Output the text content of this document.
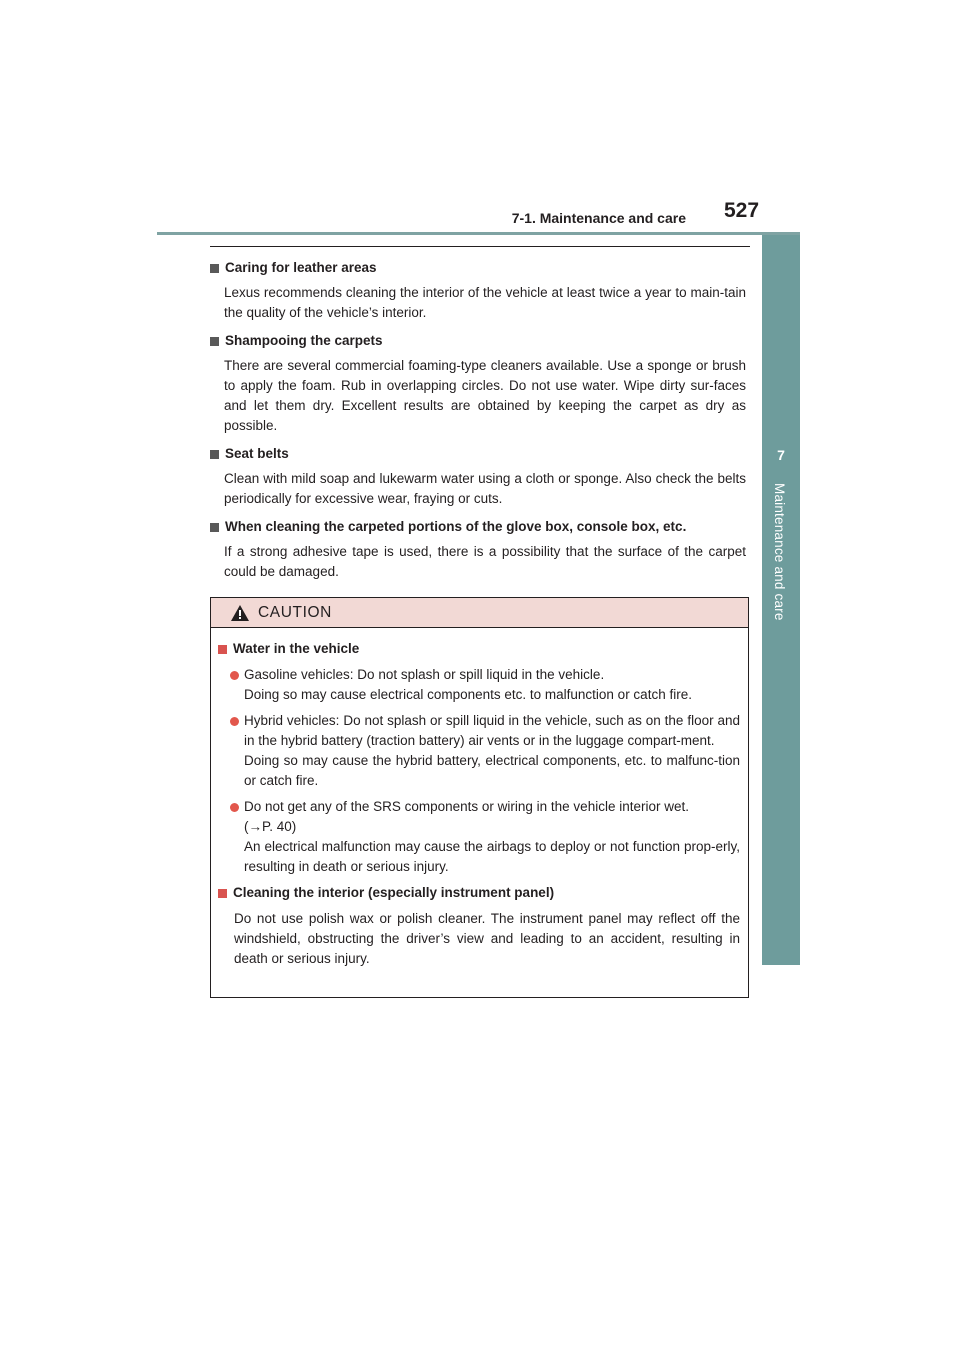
7-1. Maintenance and care 527
7
Maintenance and care
Caring for leather areas
Lexus recommends cleaning the interior of the vehicle at least twice a year to main-tain the quality of the vehicle’s interior.
Shampooing the carpets
There are several commercial foaming-type cleaners available. Use a sponge or brush to apply the foam. Rub in overlapping circles. Do not use water. Wipe dirty sur-faces and let them dry. Excellent results are obtained by keeping the carpet as dry as possible.
Seat belts
Clean with mild soap and lukewarm water using a cloth or sponge. Also check the belts periodically for excessive wear, fraying or cuts.
When cleaning the carpeted portions of the glove box, console box, etc.
If a strong adhesive tape is used, there is a possibility that the surface of the carpet could be damaged.
CAUTION
Water in the vehicle
Gasoline vehicles: Do not splash or spill liquid in the vehicle.
Doing so may cause electrical components etc. to malfunction or catch fire.
Hybrid vehicles: Do not splash or spill liquid in the vehicle, such as on the floor and in the hybrid battery (traction battery) air vents or in the luggage compart-ment.
Doing so may cause the hybrid battery, electrical components, etc. to malfunc-tion or catch fire.
Do not get any of the SRS components or wiring in the vehicle interior wet.
(→P. 40)
An electrical malfunction may cause the airbags to deploy or not function prop-erly, resulting in death or serious injury.
Cleaning the interior (especially instrument panel)
Do not use polish wax or polish cleaner. The instrument panel may reflect off the windshield, obstructing the driver’s view and leading to an accident, resulting in death or serious injury.
